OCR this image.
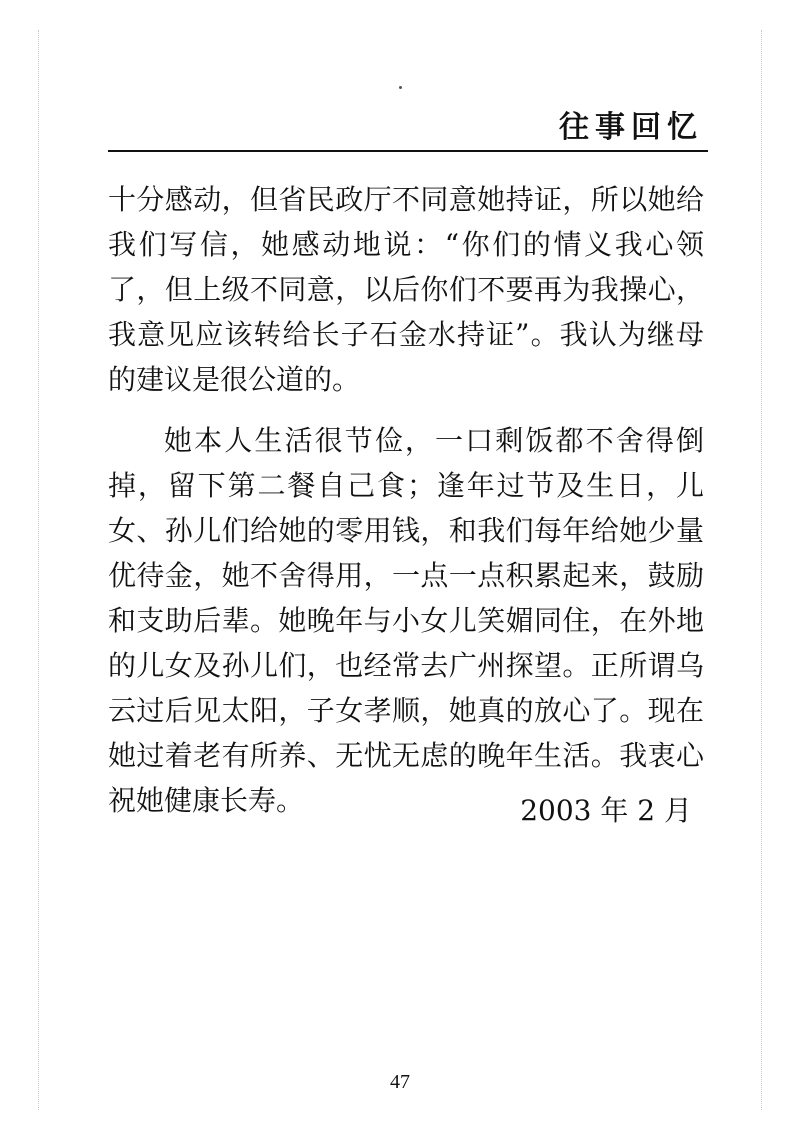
往事回忆

十分感动，但省民政厅不同意她持证，所以她给我们写信，她感动地说：“你们的情义我心领了，但上级不同意，以后你们不要再为我操心，我意见应该转给长子石金水持证”。我认为继母的建议是很公道的。

她本人生活很节俭，一口剩饭都不舍得倒掉，留下第二餐自己食；逢年过节及生日，儿女、孙儿们给她的零用钱，和我们每年给她少量优待金，她不舍得用，一点一点积累起来，鼓励和支助后辈。她晚年与小女儿笑媚同住，在外地的儿女及孙儿们，也经常去广州探望。正所谓乌云过后见太阳，子女孝顺，她真的放心了。现在她过着老有所养、无忧无虑的晚年生活。我衷心祝她健康长寿。	2003 年 2 月
47
